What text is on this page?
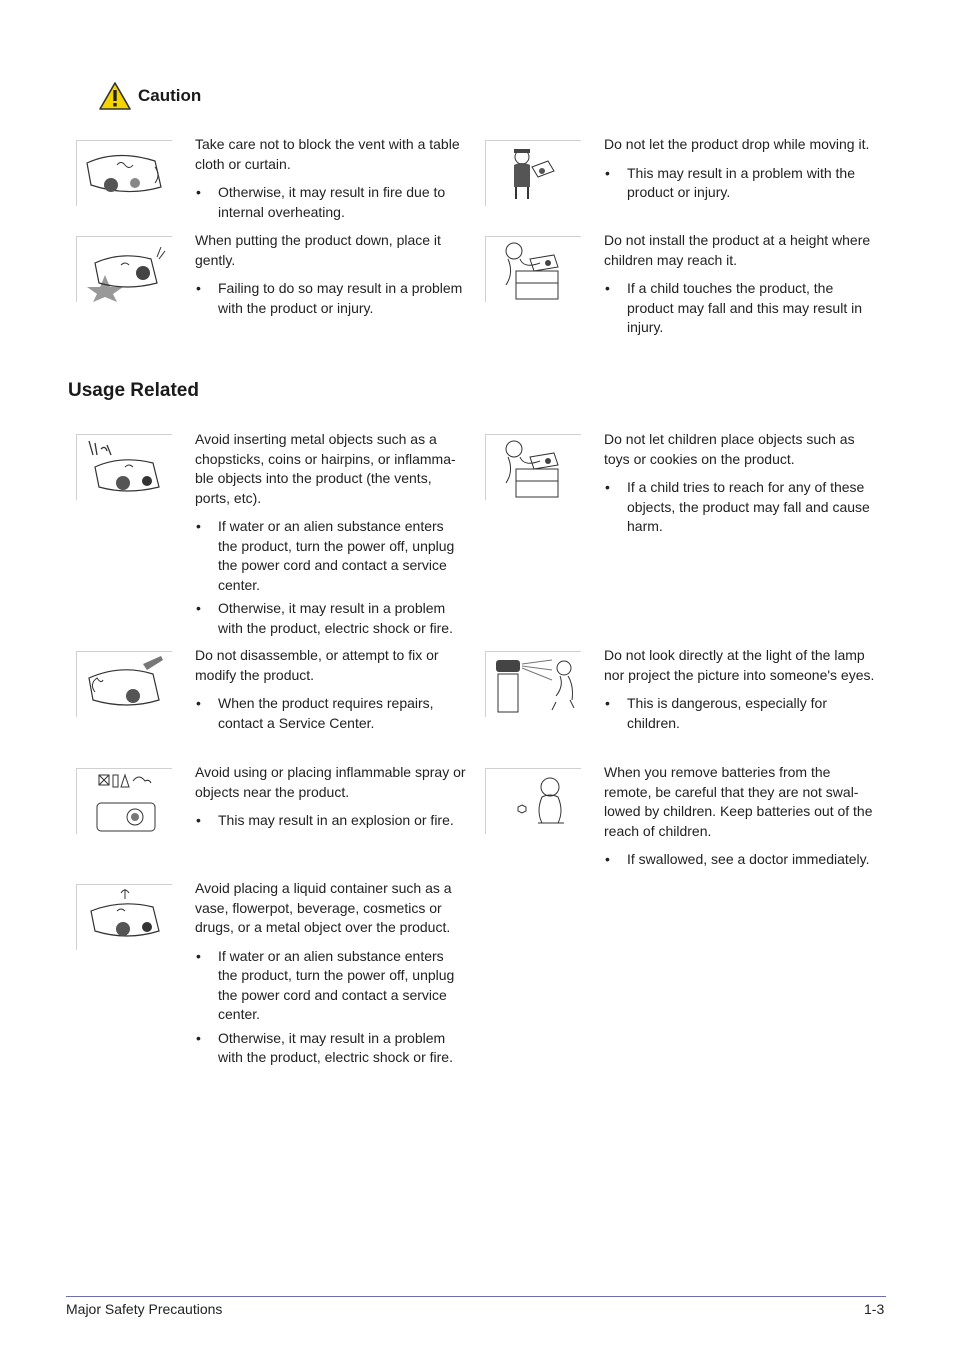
Caution

Take care not to block the vent with a table cloth or curtain.

• Otherwise, it may result in fire due to internal overheating.

Do not let the product drop while moving it.

• This may result in a problem with the product or injury.

When putting the product down, place it gently.

• Failing to do so may result in a problem with the product or injury.

Do not install the product at a height where children may reach it.

• If a child touches the product, the product may fall and this may result in injury.
Usage Related

Avoid inserting metal objects such as a chopsticks, coins or hairpins, or inflamma-ble objects into the product (the vents, ports, etc).

• If water or an alien substance enters the product, turn the power off, unplug the power cord and contact a service center.
• Otherwise, it may result in a problem with the product, electric shock or fire.

Do not let children place objects such as toys or cookies on the product.

• If a child tries to reach for any of these objects, the product may fall and cause harm.

Do not disassemble, or attempt to fix or modify the product.

• When the product requires repairs, contact a Service Center.

Do not look directly at the light of the lamp nor project the picture into someone's eyes.

• This is dangerous, especially for children.

Avoid using or placing inflammable spray or objects near the product.

• This may result in an explosion or fire.

When you remove batteries from the remote, be careful that they are not swal-lowed by children. Keep batteries out of the reach of children.

• If swallowed, see a doctor immediately.

Avoid placing a liquid container such as a vase, flowerpot, beverage, cosmetics or drugs, or a metal object over the product.

• If water or an alien substance enters the product, turn the power off, unplug the power cord and contact a service center.
• Otherwise, it may result in a problem with the product, electric shock or fire.
Major Safety Precautions	1-3
